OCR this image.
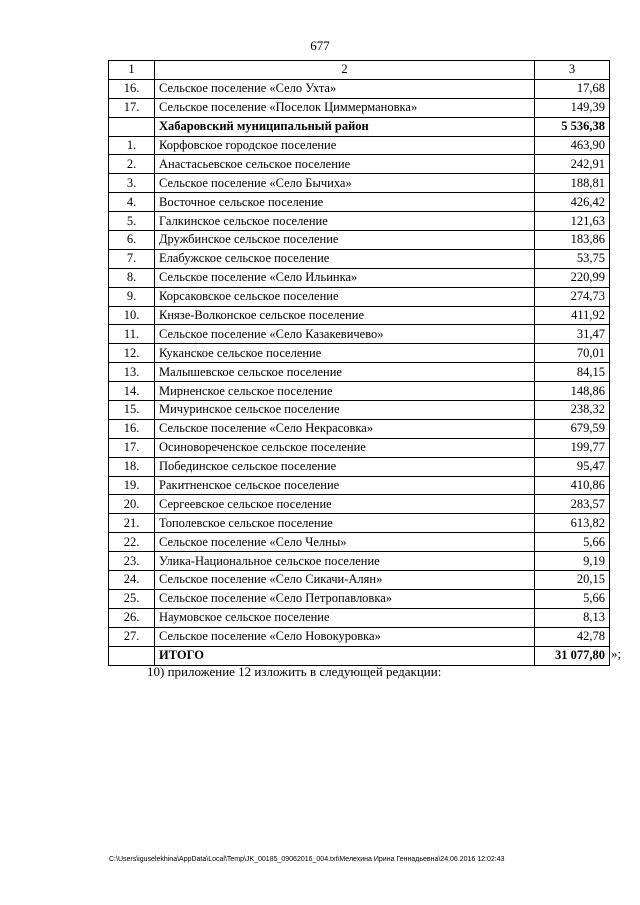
677
1	2	3
16.	Сельское поселение «Село Ухта»	17,68
17.	Сельское поселение «Поселок Циммермановка»	149,39
	Хабаровский муниципальный район	5 536,38
1.	Корфовское городское поселение	463,90
2.	Анастасьевское сельское поселение	242,91
3.	Сельское поселение «Село Бычиха»	188,81
4.	Восточное сельское поселение	426,42
5.	Галкинское сельское поселение	121,63
6.	Дружбинское сельское поселение	183,86
7.	Елабужское сельское поселение	53,75
8.	Сельское поселение «Село Ильинка»	220,99
9.	Корсаковское сельское поселение	274,73
10.	Князе-Волконское сельское поселение	411,92
11.	Сельское поселение «Село Казакевичево»	31,47
12.	Куканское сельское поселение	70,01
13.	Малышевское сельское поселение	84,15
14.	Мирненское сельское поселение	148,86
15.	Мичуринское сельское поселение	238,32
16.	Сельское поселение «Село Некрасовка»	679,59
17.	Осиновореченское сельское поселение	199,77
18.	Побединское сельское поселение	95,47
19.	Ракитненское сельское поселение	410,86
20.	Сергеевское сельское поселение	283,57
21.	Тополевское сельское поселение	613,82
22.	Сельское поселение «Село Челны»	5,66
23.	Улика-Национальное сельское поселение	9,19
24.	Сельское поселение «Село Сикачи-Алян»	20,15
25.	Сельское поселение «Село Петропавловка»	5,66
26.	Наумовское сельское поселение	8,13
27.	Сельское поселение «Село Новокуровка»	42,78
	ИТОГО	31 077,80 »;
10) приложение 12 изложить в следующей редакции:
C:\Users\iguselekhina\AppData\Local\Temp\JK_00185_09062016_004.txt\Мелехина Ирина Геннадьевна\24.06.2016 12:02:43
